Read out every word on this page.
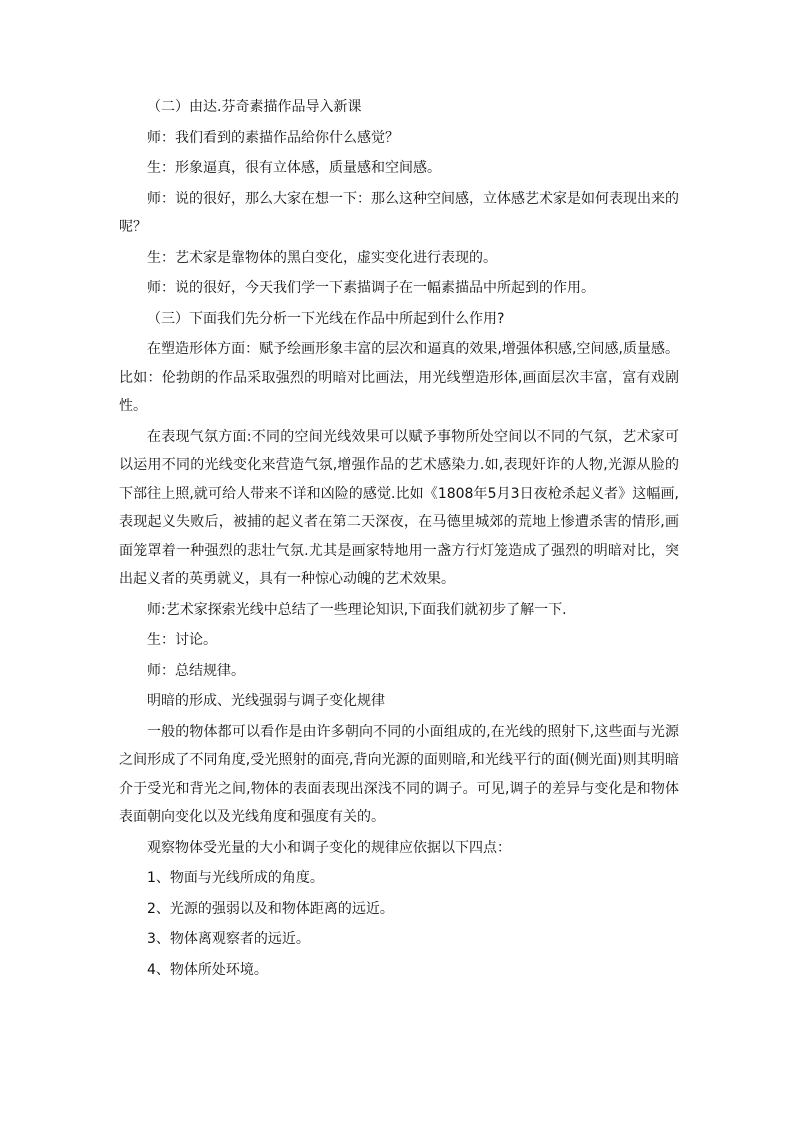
（二）由达.芬奇素描作品导入新课

师：我们看到的素描作品给你什么感觉？

生：形象逼真，很有立体感，质量感和空间感。

师：说的很好，那么大家在想一下：那么这种空间感，立体感艺术家是如何表现出来的呢？

生：艺术家是靠物体的黑白变化，虚实变化进行表现的。

师：说的很好，今天我们学一下素描调子在一幅素描品中所起到的作用。

（三）下面我们先分析一下光线在作品中所起到什么作用?

在塑造形体方面：赋予绘画形象丰富的层次和逼真的效果,增强体积感,空间感,质量感。比如：伦勃朗的作品采取强烈的明暗对比画法，用光线塑造形体,画面层次丰富，富有戏剧性。

在表现气氛方面:不同的空间光线效果可以赋予事物所处空间以不同的气氛，艺术家可以运用不同的光线变化来营造气氛,增强作品的艺术感染力.如,表现奸诈的人物,光源从脸的下部往上照,就可给人带来不详和凶险的感觉.比如《1808年5月3日夜枪杀起义者》这幅画,表现起义失败后，被捕的起义者在第二天深夜，在马德里城郊的荒地上惨遭杀害的情形,画面笼罩着一种强烈的悲壮气氛.尤其是画家特地用一盏方行灯笼造成了强烈的明暗对比，突出起义者的英勇就义，具有一种惊心动魄的艺术效果。

师:艺术家探索光线中总结了一些理论知识,下面我们就初步了解一下.

生：讨论。

师：总结规律。

明暗的形成、光线强弱与调子变化规律

一般的物体都可以看作是由许多朝向不同的小面组成的,在光线的照射下,这些面与光源之间形成了不同角度,受光照射的面亮,背向光源的面则暗,和光线平行的面(侧光面)则其明暗介于受光和背光之间,物体的表面表现出深浅不同的调子。可见,调子的差异与变化是和物体表面朝向变化以及光线角度和强度有关的。

观察物体受光量的大小和调子变化的规律应依据以下四点：

1、物面与光线所成的角度。

2、光源的强弱以及和物体距离的远近。

3、物体离观察者的远近。

4、物体所处环境。
